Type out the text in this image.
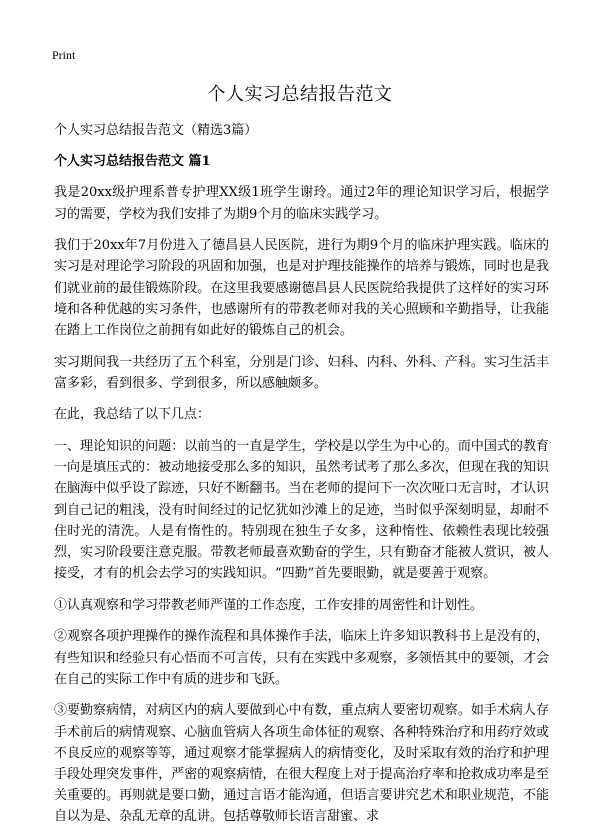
Print
个人实习总结报告范文

个人实习总结报告范文（精选3篇）

个人实习总结报告范文 篇1

我是20xx级护理系普专护理XX级1班学生谢玲。通过2年的理论知识学习后，根据学习的需要，学校为我们安排了为期9个月的临床实践学习。

我们于20xx年7月份进入了德昌县人民医院，进行为期9个月的临床护理实践。临床的实习是对理论学习阶段的巩固和加强，也是对护理技能操作的培养与锻炼，同时也是我们就业前的最佳锻炼阶段。在这里我要感谢德昌县人民医院给我提供了这样好的实习环境和各种优越的实习条件，也感谢所有的带教老师对我的关心照顾和辛勤指导，让我能在踏上工作岗位之前拥有如此好的锻炼自己的机会。

实习期间我一共经历了五个科室，分别是门诊、妇科、内科、外科、产科。实习生活丰富多彩，看到很多、学到很多，所以感触颇多。

在此，我总结了以下几点：

一、理论知识的问题：以前当的一直是学生，学校是以学生为中心的。而中国式的教育一向是填压式的：被动地接受那么多的知识，虽然考试考了那么多次，但现在我的知识在脑海中似乎设了踪迹，只好不断翻书。当在老师的提问下一次次哑口无言时，才认识到自己记的粗浅，没有时间经过的记忆犹如沙滩上的足迹，当时似乎深刻明显，却耐不住时光的清洗。人是有惰性的。特别现在独生子女多，这种惰性、依赖性表现比较强烈，实习阶段要注意克服。带教老师最喜欢勤奋的学生，只有勤奋才能被人赏识，被人接受，才有的机会去学习的实践知识。“四勤”首先要眼勤，就是要善于观察。

①认真观察和学习带教老师严谨的工作态度，工作安排的周密性和计划性。

②观察各项护理操作的操作流程和具体操作手法，临床上许多知识教科书上是没有的，有些知识和经验只有心悟而不可言传，只有在实践中多观察，多领悟其中的要领，才会在自己的实际工作中有质的进步和飞跃。

③要勤察病情，对病区内的病人要做到心中有数，重点病人要密切观察。如手术病人存手术前后的病情观察、心脑血管病人各项生命体征的观察、各种特殊治疗和用药疗效或不良反应的观察等等，通过观察才能掌握病人的病情变化，及时采取有效的治疗和护理手段处理突发事件，严密的观察病情，在很大程度上对于提高治疗率和抢救成功率是至关重要的。再则就是要口勤，通过言语才能沟通，但语言要讲究艺术和职业规范，不能自以为是、杂乱无章的乱讲。包括尊敬师长语言甜蜜、求
